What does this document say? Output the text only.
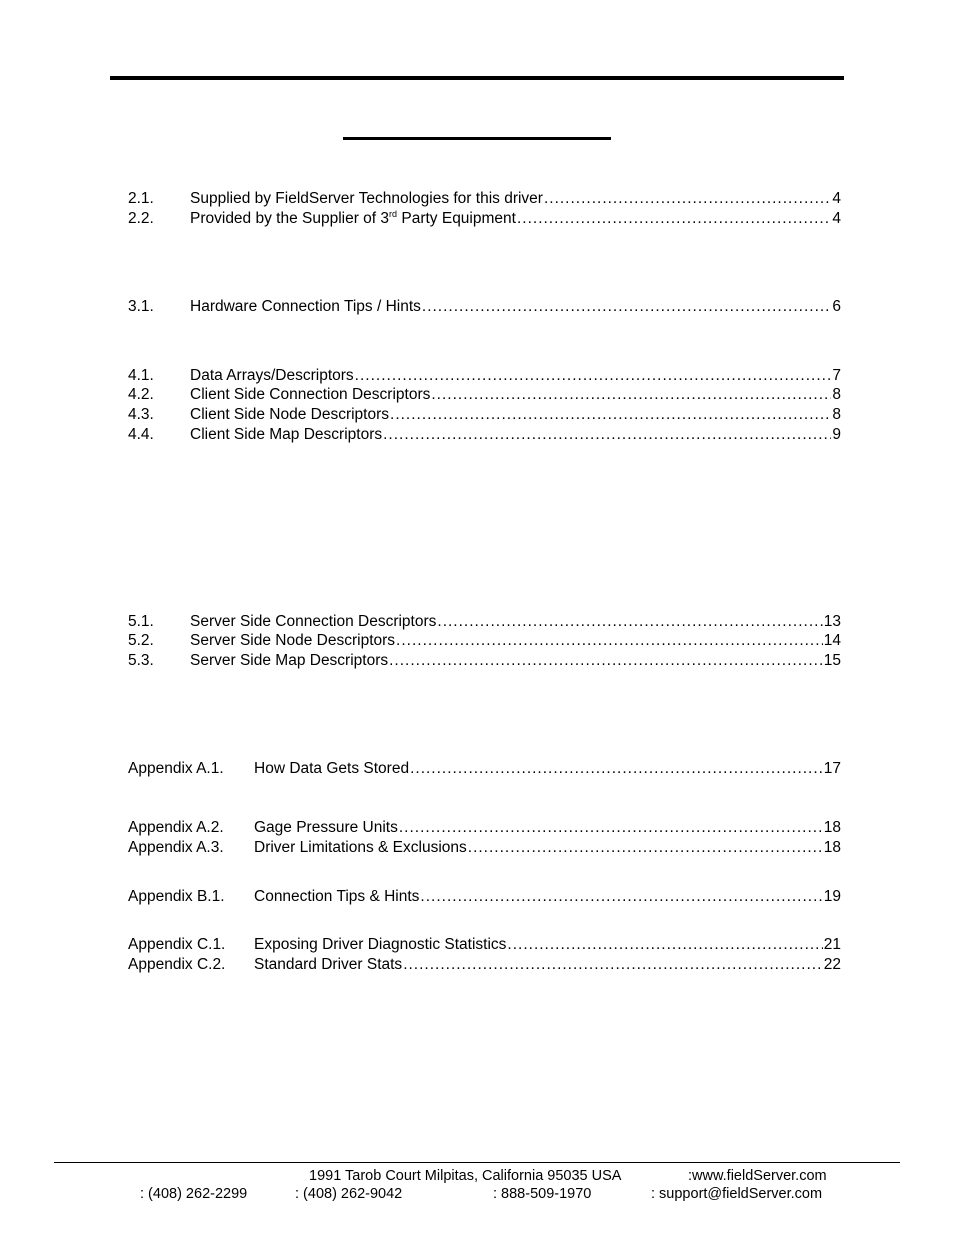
2.1.	Supplied by FieldServer Technologies for this driver .....	4
2.2.	Provided by the Supplier of 3rd Party Equipment .....	4
3.1.	Hardware Connection Tips / Hints .....	6
4.1.	Data Arrays/Descriptors .....	7
4.2.	Client Side Connection Descriptors .....	8
4.3.	Client Side Node Descriptors .....	8
4.4.	Client Side Map Descriptors .....	9
5.1.	Server Side Connection Descriptors .....	13
5.2.	Server Side Node Descriptors .....	14
5.3.	Server Side Map Descriptors .....	15
Appendix A.1.	How Data Gets Stored .....	17
Appendix A.2.	Gage Pressure Units .....	18
Appendix A.3.	Driver Limitations & Exclusions .....	18
Appendix B.1.	Connection Tips & Hints .....	19
Appendix C.1.	Exposing Driver Diagnostic Statistics .....	21
Appendix C.2.	Standard Driver Stats .....	22
1991 Tarob Court Milpitas, California 95035 USA	:www.fieldServer.com
: (408) 262-2299	: (408) 262-9042	: 888-509-1970	: support@fieldServer.com
